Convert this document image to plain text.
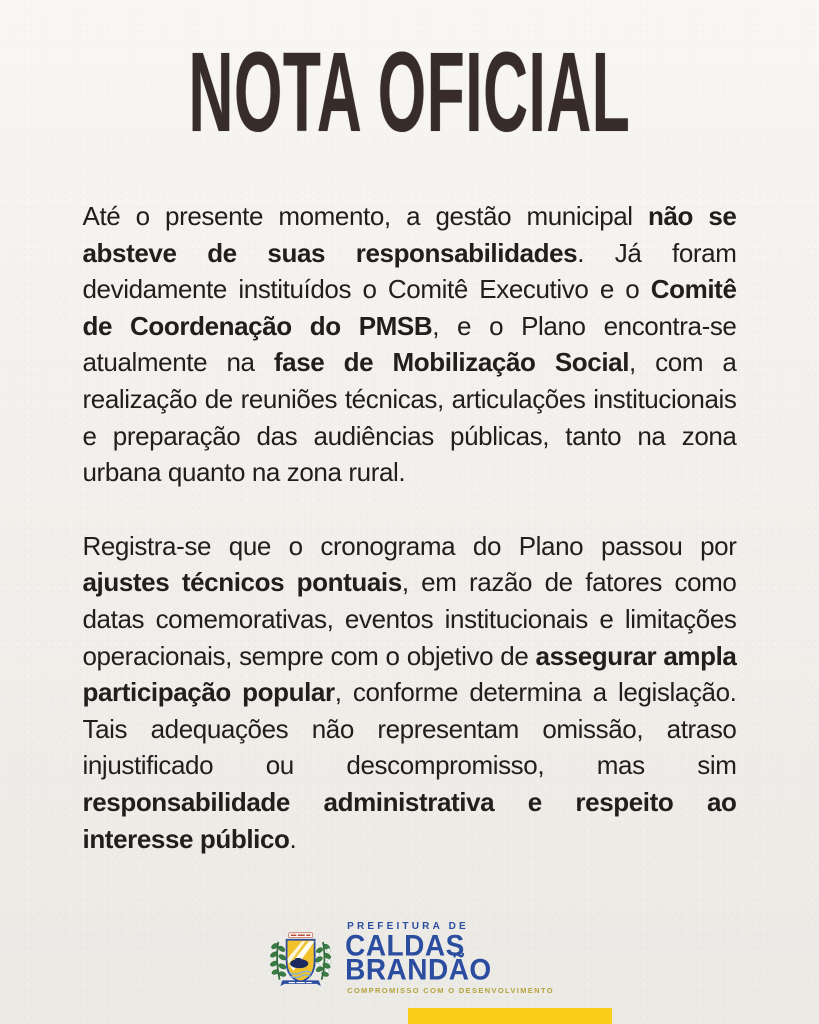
NOTA OFICIAL

Até o presente momento, a gestão municipal não se absteve de suas responsabilidades. Já foram devidamente instituídos o Comitê Executivo e o Comitê de Coordenação do PMSB, e o Plano encontra-se atualmente na fase de Mobilização Social, com a realização de reuniões técnicas, articulações institucionais e preparação das audiências públicas, tanto na zona urbana quanto na zona rural.

Registra-se que o cronograma do Plano passou por ajustes técnicos pontuais, em razão de fatores como datas comemorativas, eventos institucionais e limitações operacionais, sempre com o objetivo de assegurar ampla participação popular, conforme determina a legislação. Tais adequações não representam omissão, atraso injustificado ou descompromisso, mas sim responsabilidade administrativa e respeito ao interesse público.

PREFEITURA DE
CALDAS
BRANDÃO
COMPROMISSO COM O DESENVOLVIMENTO
